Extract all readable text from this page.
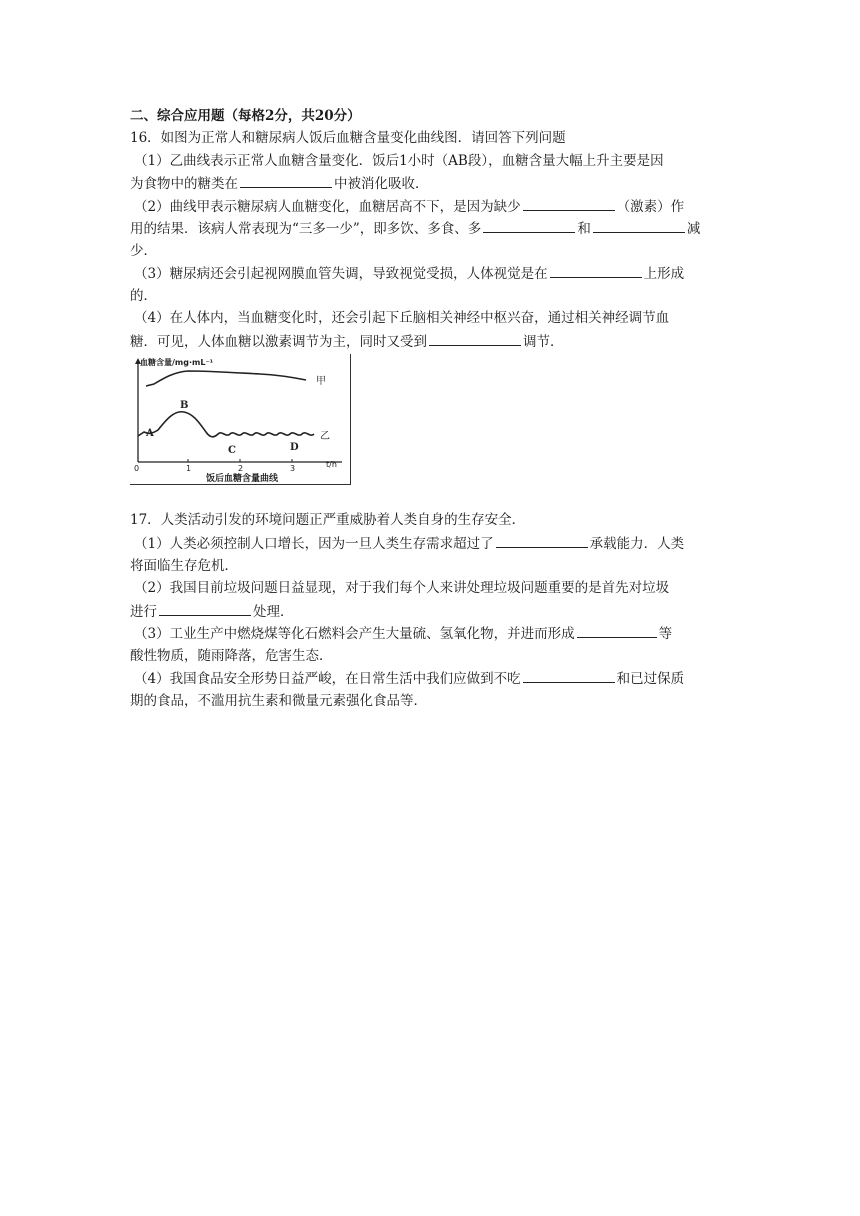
二、综合应用题（每格2分，共20分）
16．如图为正常人和糖尿病人饭后血糖含量变化曲线图．请回答下列问题
（1）乙曲线表示正常人血糖含量变化．饭后1小时（AB段），血糖含量大幅上升主要是因
为食物中的糖类在	中被消化吸收．
（2）曲线甲表示糖尿病人血糖变化，血糖居高不下，是因为缺少	（激素）作
用的结果．该病人常表现为“三多一少”，即多饮、多食、多	和	减
少．
（3）糖尿病还会引起视网膜血管失调，导致视觉受损，人体视觉是在	上形成
的．
（4）在人体内，当血糖变化时，还会引起下丘脑相关神经中枢兴奋，通过相关神经调节血
糖．可见，人体血糖以激素调节为主，同时又受到	调节．
血糖含量/mg·mL⁻¹
甲
乙
A
B
C	D
0	1	2	3	t/h
饭后血糖含量曲线
17．人类活动引发的环境问题正严重威胁着人类自身的生存安全．
（1）人类必须控制人口增长，因为一旦人类生存需求超过了	承载能力．人类
将面临生存危机．
（2）我国目前垃圾问题日益显现，对于我们每个人来讲处理垃圾问题重要的是首先对垃圾
进行	处理．
（3）工业生产中燃烧煤等化石燃料会产生大量硫、氢氧化物，并进而形成	等
酸性物质，随雨降落，危害生态．
（4）我国食品安全形势日益严峻，在日常生活中我们应做到不吃	和已过保质
期的食品，不滥用抗生素和微量元素强化食品等．
